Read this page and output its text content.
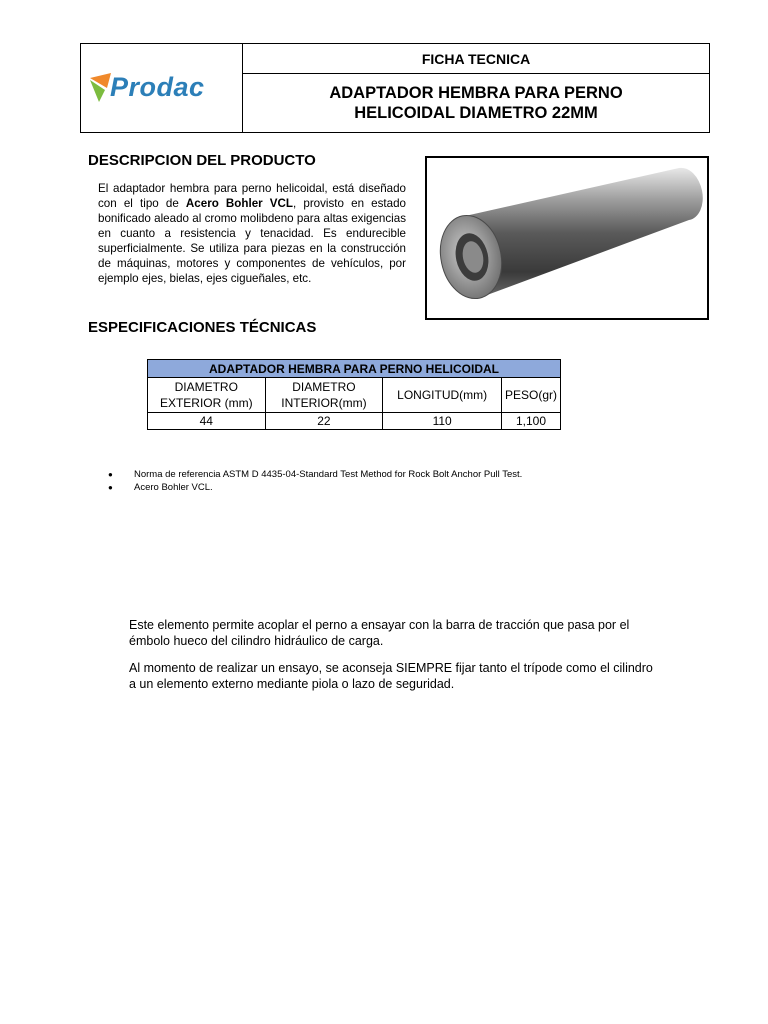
Prodac
FICHA TECNICA
ADAPTADOR HEMBRA PARA PERNO
HELICOIDAL DIAMETRO 22MM
DESCRIPCION DEL PRODUCTO
El adaptador hembra para perno helicoidal, está diseñado con el tipo de Acero Bohler VCL, provisto en estado bonificado aleado al cromo molibdeno para altas exigencias en cuanto a resistencia y tenacidad. Es endurecible superficialmente. Se utiliza para piezas en la construcción de máquinas, motores y componentes de vehículos, por ejemplo ejes, bielas, ejes cigueñales, etc.
ESPECIFICACIONES TÉCNICAS
ADAPTADOR HEMBRA PARA PERNO HELICOIDAL			
DIAMETRO EXTERIOR (mm)	DIAMETRO INTERIOR(mm)	LONGITUD(mm)	PESO(gr)
44	22	110	1,100
●	Norma de referencia ASTM D 4435-04-Standard Test Method for Rock Bolt Anchor Pull Test.
●	Acero Bohler VCL.
Este elemento permite acoplar el perno a ensayar con la barra de tracción que pasa por el émbolo hueco del cilindro hidráulico de carga.
Al momento de realizar un ensayo, se aconseja SIEMPRE fijar tanto el trípode como el cilindro a un elemento externo mediante piola o lazo de seguridad.
